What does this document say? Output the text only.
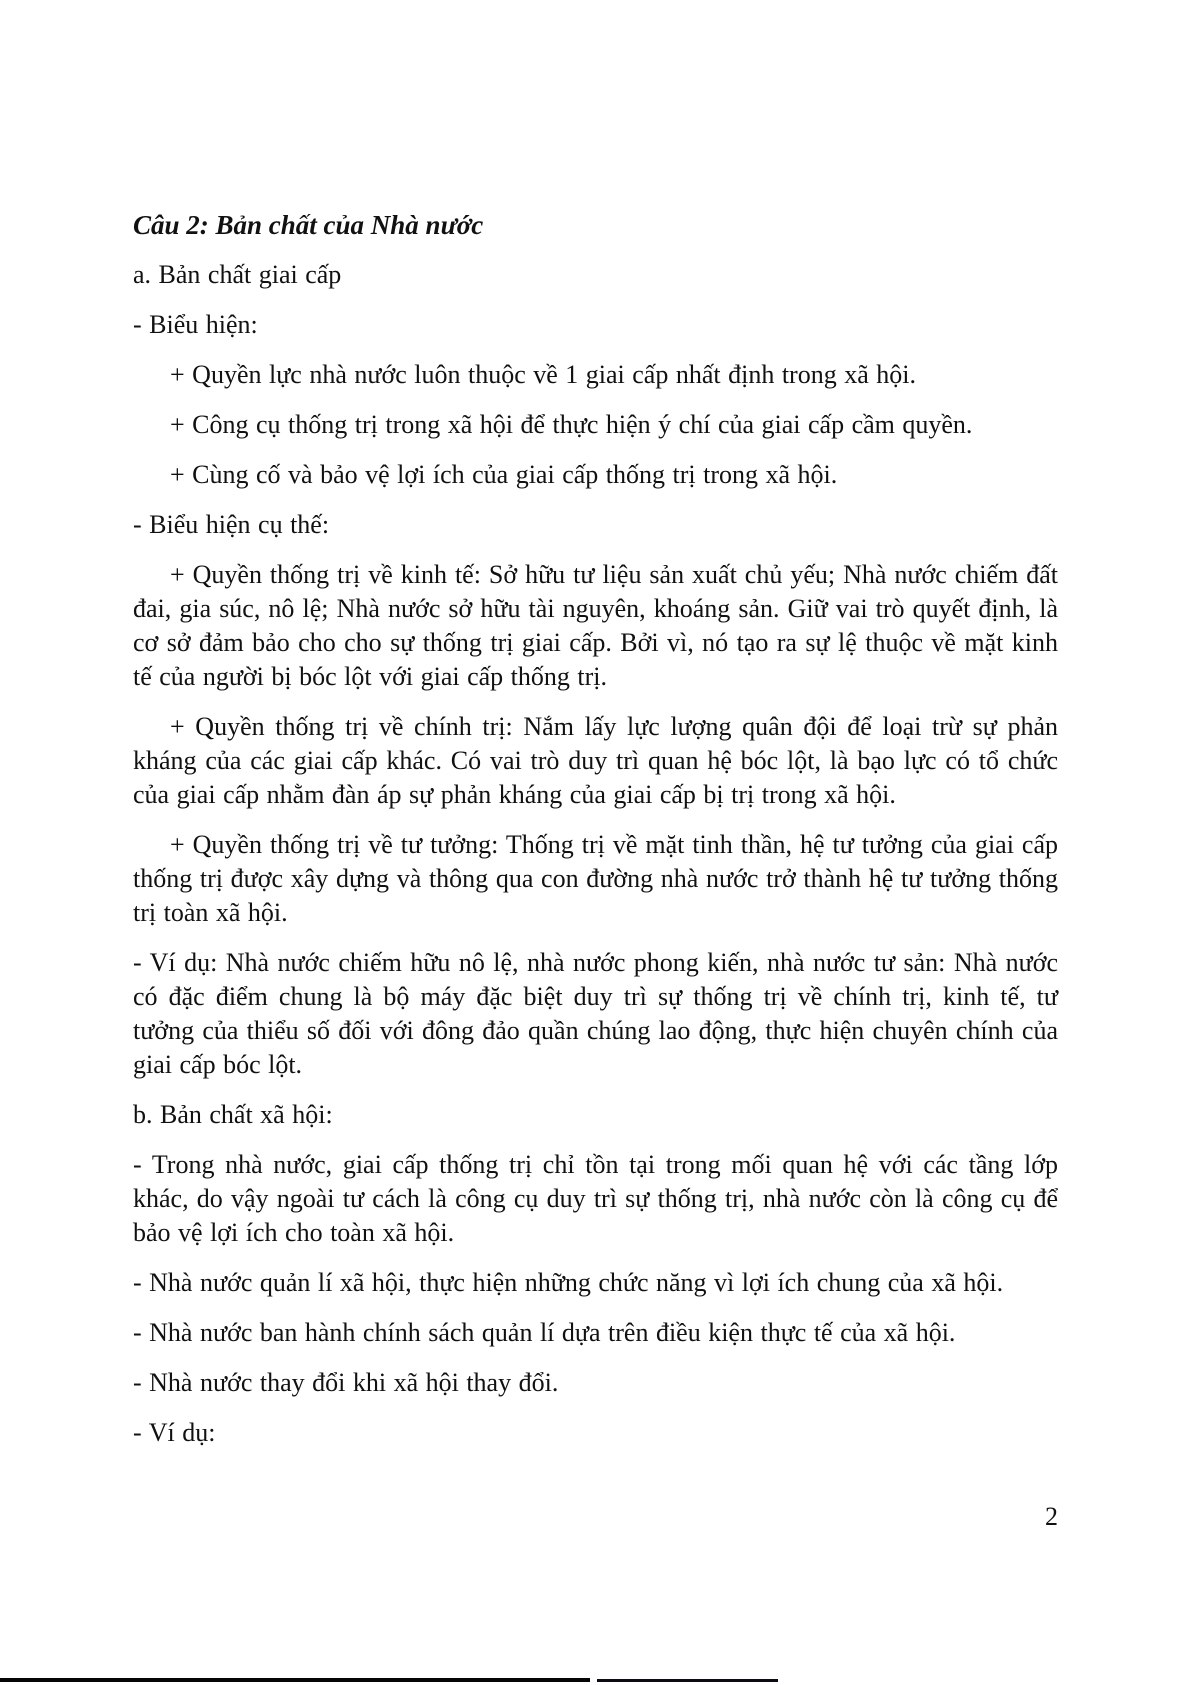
Câu 2: Bản chất của Nhà nước

a. Bản chất giai cấp

- Biểu hiện:

+ Quyền lực nhà nước luôn thuộc về 1 giai cấp nhất định trong xã hội.

+ Công cụ thống trị trong xã hội để thực hiện ý chí của giai cấp cầm quyền.

+ Cùng cố và bảo vệ lợi ích của giai cấp thống trị trong xã hội.

- Biểu hiện cụ thế:

+ Quyền thống trị về kinh tế: Sở hữu tư liệu sản xuất chủ yếu; Nhà nước chiếm đất đai, gia súc, nô lệ; Nhà nước sở hữu tài nguyên, khoáng sản. Giữ vai trò quyết định, là cơ sở đảm bảo cho cho sự thống trị giai cấp. Bởi vì, nó tạo ra sự lệ thuộc về mặt kinh tế của người bị bóc lột với giai cấp thống trị.

+ Quyền thống trị về chính trị: Nắm lấy lực lượng quân đội để loại trừ sự phản kháng của các giai cấp khác. Có vai trò duy trì quan hệ bóc lột, là bạo lực có tổ chức của giai cấp nhằm đàn áp sự phản kháng của giai cấp bị trị trong xã hội.

+ Quyền thống trị về tư tưởng: Thống trị về mặt tinh thần, hệ tư tưởng của giai cấp thống trị được xây dựng và thông qua con đường nhà nước trở thành hệ tư tưởng thống trị toàn xã hội.

- Ví dụ: Nhà nước chiếm hữu nô lệ, nhà nước phong kiến, nhà nước tư sản: Nhà nước có đặc điểm chung là bộ máy đặc biệt duy trì sự thống trị về chính trị, kinh tế, tư tưởng của thiểu số đối với đông đảo quần chúng lao động, thực hiện chuyên chính của giai cấp bóc lột.

b. Bản chất xã hội:

- Trong nhà nước, giai cấp thống trị chỉ tồn tại trong mối quan hệ với các tầng lớp khác, do vậy ngoài tư cách là công cụ duy trì sự thống trị, nhà nước còn là công cụ để bảo vệ lợi ích cho toàn xã hội.

- Nhà nước quản lí xã hội, thực hiện những chức năng vì lợi ích chung của xã hội.

- Nhà nước ban hành chính sách quản lí dựa trên điều kiện thực tế của xã hội.

- Nhà nước thay đổi khi xã hội thay đổi.

- Ví dụ:

2
